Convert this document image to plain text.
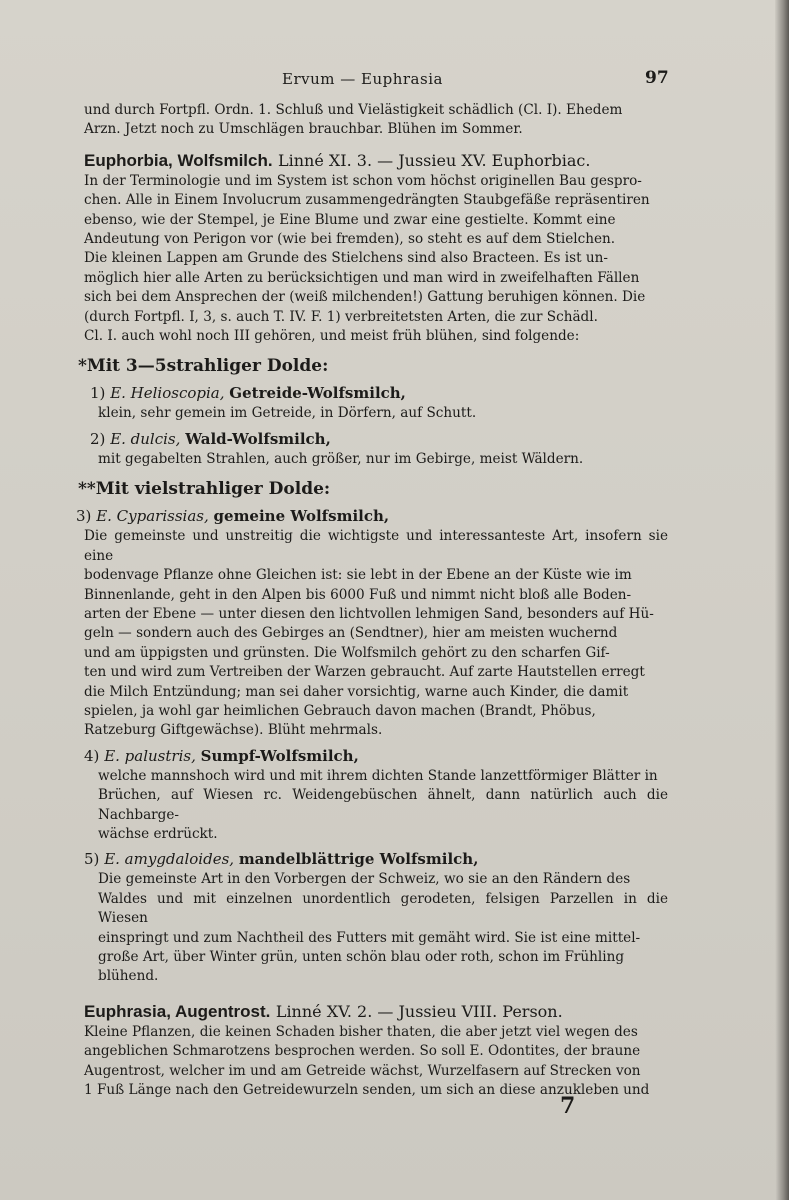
Ervum — Euphrasia	97

und durch Fortpfl. Ordn. 1. Schluß und Vielästigkeit schädlich (Cl. I). Ehedem

Arzn. Jetzt noch zu Umschlägen brauchbar. Blühen im Sommer.

Euphorbia, Wolfsmilch. Linné XI. 3. — Jussieu XV. Euphorbiac.

In der Terminologie und im System ist schon vom höchst originellen Bau gespro-

chen. Alle in Einem Involucrum zusammengedrängten Staubgefäße repräsentiren

ebenso, wie der Stempel, je Eine Blume und zwar eine gestielte. Kommt eine

Andeutung von Perigon vor (wie bei fremden), so steht es auf dem Stielchen.

Die kleinen Lappen am Grunde des Stielchens sind also Bracteen. Es ist un-

möglich hier alle Arten zu berücksichtigen und man wird in zweifelhaften Fällen

sich bei dem Ansprechen der (weiß milchenden!) Gattung beruhigen können. Die

(durch Fortpfl. I, 3, s. auch T. IV. F. 1) verbreitetsten Arten, die zur Schädl.

Cl. I. auch wohl noch III gehören, und meist früh blühen, sind folgende:

*Mit 3—5strahliger Dolde:
1) E. Helioscopia, Getreide-Wolfsmilch,

klein, sehr gemein im Getreide, in Dörfern, auf Schutt.

2) E. dulcis, Wald-Wolfsmilch,

mit gegabelten Strahlen, auch größer, nur im Gebirge, meist Wäldern.

**Mit vielstrahliger Dolde:
3) E. Cyparissias, gemeine Wolfsmilch,

Die gemeinste und unstreitig die wichtigste und interessanteste Art, insofern sie eine

bodenvage Pflanze ohne Gleichen ist: sie lebt in der Ebene an der Küste wie im

Binnenlande, geht in den Alpen bis 6000 Fuß und nimmt nicht bloß alle Boden-

arten der Ebene — unter diesen den lichtvollen lehmigen Sand, besonders auf Hü-

geln — sondern auch des Gebirges an (Sendtner), hier am meisten wuchernd

und am üppigsten und grünsten. Die Wolfsmilch gehört zu den scharfen Gif-

ten und wird zum Vertreiben der Warzen gebraucht. Auf zarte Hautstellen erregt

die Milch Entzündung; man sei daher vorsichtig, warne auch Kinder, die damit

spielen, ja wohl gar heimlichen Gebrauch davon machen (Brandt, Phöbus,

Ratzeburg Giftgewächse). Blüht mehrmals.

4) E. palustris, Sumpf-Wolfsmilch,

welche mannshoch wird und mit ihrem dichten Stande lanzettförmiger Blätter in

Brüchen, auf Wiesen rc. Weidengebüschen ähnelt, dann natürlich auch die Nachbarge-

wächse erdrückt.

5) E. amygdaloides, mandelblättrige Wolfsmilch,

Die gemeinste Art in den Vorbergen der Schweiz, wo sie an den Rändern des

Waldes und mit einzelnen unordentlich gerodeten, felsigen Parzellen in die Wiesen

einspringt und zum Nachtheil des Futters mit gemäht wird. Sie ist eine mittel-

große Art, über Winter grün, unten schön blau oder roth, schon im Frühling

blühend.

Euphrasia, Augentrost. Linné XV. 2. — Jussieu VIII. Person.

Kleine Pflanzen, die keinen Schaden bisher thaten, die aber jetzt viel wegen des

angeblichen Schmarotzens besprochen werden. So soll E. Odontites, der braune

Augentrost, welcher im und am Getreide wächst, Wurzelfasern auf Strecken von

1 Fuß Länge nach den Getreidewurzeln senden, um sich an diese anzukleben und

7
